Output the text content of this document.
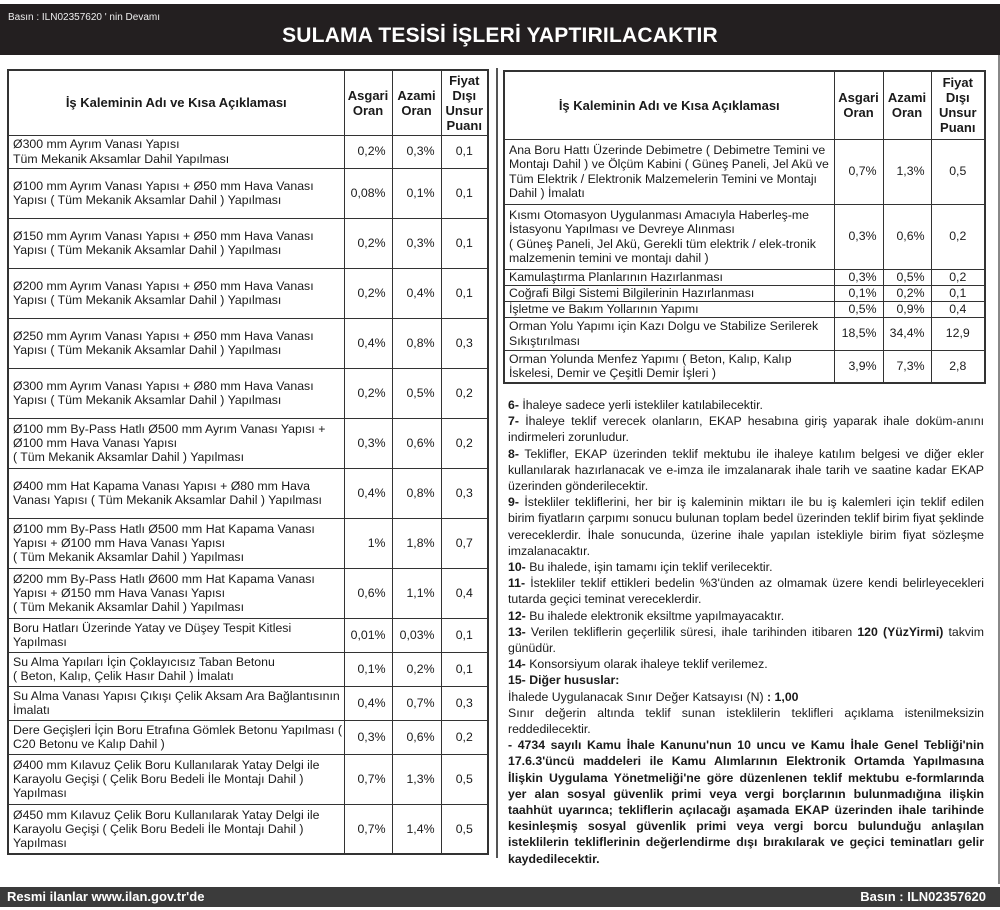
Basın : ILN02357620 ' nin Devamı
SULAMA TESİSİ İŞLERİ YAPTIRILACAKTIR
İş Kaleminin Adı ve Kısa Açıklaması	Asgari Oran	Azami Oran	Fiyat Dışı Unsur Puanı
Ø300 mm Ayrım Vanası Yapısı
Tüm Mekanik Aksamlar Dahil Yapılması	0,2%	0,3%	0,1
Ø100 mm Ayrım Vanası Yapısı + Ø50 mm Hava Vanası Yapısı ( Tüm Mekanik Aksamlar Dahil ) Yapılması	0,08%	0,1%	0,1
Ø150 mm Ayrım Vanası Yapısı + Ø50 mm Hava Vanası Yapısı ( Tüm Mekanik Aksamlar Dahil ) Yapılması	0,2%	0,3%	0,1
Ø200 mm Ayrım Vanası Yapısı + Ø50 mm Hava Vanası Yapısı ( Tüm Mekanik Aksamlar Dahil ) Yapılması	0,2%	0,4%	0,1
Ø250 mm Ayrım Vanası Yapısı + Ø50 mm Hava Vanası Yapısı ( Tüm Mekanik Aksamlar Dahil ) Yapılması	0,4%	0,8%	0,3
Ø300 mm Ayrım Vanası Yapısı + Ø80 mm Hava Vanası Yapısı ( Tüm Mekanik Aksamlar Dahil ) Yapılması	0,2%	0,5%	0,2
Ø100 mm By-Pass Hatlı Ø500 mm Ayrım Vanası Yapısı + Ø100 mm Hava Vanası Yapısı
( Tüm Mekanik Aksamlar Dahil ) Yapılması	0,3%	0,6%	0,2
Ø400 mm Hat Kapama Vanası Yapısı + Ø80 mm Hava Vanası Yapısı ( Tüm Mekanik Aksamlar Dahil ) Yapılması	0,4%	0,8%	0,3
Ø100 mm By-Pass Hatlı Ø500 mm Hat Kapama Vanası Yapısı + Ø100 mm Hava Vanası Yapısı
( Tüm Mekanik Aksamlar Dahil ) Yapılması	1%	1,8%	0,7
Ø200 mm By-Pass Hatlı Ø600 mm Hat Kapama Vanası Yapısı + Ø150 mm Hava Vanası Yapısı
( Tüm Mekanik Aksamlar Dahil ) Yapılması	0,6%	1,1%	0,4
Boru Hatları Üzerinde Yatay ve Düşey Tespit Kitlesi Yapılması	0,01%	0,03%	0,1
Su Alma Yapıları İçin Çoklayıcısız Taban Betonu
( Beton, Kalıp, Çelik Hasır Dahil ) İmalatı	0,1%	0,2%	0,1
Su Alma Vanası Yapısı Çıkışı Çelik Aksam Ara Bağlantısının İmalatı	0,4%	0,7%	0,3
Dere Geçişleri İçin Boru Etrafına Gömlek Betonu Yapılması ( C20 Betonu ve Kalıp Dahil )	0,3%	0,6%	0,2
Ø400 mm Kılavuz Çelik Boru Kullanılarak Yatay Delgi ile Karayolu Geçişi ( Çelik Boru Bedeli İle Montajı Dahil ) Yapılması	0,7%	1,3%	0,5
Ø450 mm Kılavuz Çelik Boru Kullanılarak Yatay Delgi ile Karayolu Geçişi ( Çelik Boru Bedeli İle Montajı Dahil ) Yapılması	0,7%	1,4%	0,5
İş Kaleminin Adı ve Kısa Açıklaması	Asgari Oran	Azami Oran	Fiyat Dışı Unsur Puanı
Ana Boru Hattı Üzerinde Debimetre ( Debimetre Temini ve Montajı Dahil ) ve Ölçüm Kabini ( Güneş Paneli, Jel Akü ve Tüm Elektrik / Elektronik Malzemelerin Temini ve Montajı Dahil ) İmalatı	0,7%	1,3%	0,5
Kısmı Otomasyon Uygulanması Amacıyla Haberleş-me İstasyonu Yapılması ve Devreye Alınması
( Güneş Paneli, Jel Akü, Gerekli tüm elektrik / elek-tronik malzemenin temini ve montajı dahil )	0,3%	0,6%	0,2
Kamulaştırma Planlarının Hazırlanması	0,3%	0,5%	0,2
Coğrafi Bilgi Sistemi Bilgilerinin Hazırlanması	0,1%	0,2%	0,1
İşletme ve Bakım Yollarının Yapımı	0,5%	0,9%	0,4
Orman Yolu Yapımı için Kazı Dolgu ve Stabilize Serilerek Sıkıştırılması	18,5%	34,4%	12,9
Orman Yolunda Menfez Yapımı ( Beton, Kalıp, Kalıp İskelesi, Demir ve Çeşitli Demir İşleri )	3,9%	7,3%	2,8

6- İhaleye sadece yerli istekliler katılabilecektir.

7- İhaleye teklif verecek olanların, EKAP hesabına giriş yaparak ihale doküm-anını indirmeleri zorunludur.

8- Teklifler, EKAP üzerinden teklif mektubu ile ihaleye katılım belgesi ve diğer ekler kullanılarak hazırlanacak ve e-imza ile imzalanarak ihale tarih ve saatine kadar EKAP üzerinden gönderilecektir.

9- İstekliler tekliflerini, her bir iş kaleminin miktarı ile bu iş kalemleri için teklif edilen birim fiyatların çarpımı sonucu bulunan toplam bedel üzerinden teklif birim fiyat şeklinde vereceklerdir. İhale sonucunda, üzerine ihale yapılan istekliyle birim fiyat sözleşme imzalanacaktır.

10- Bu ihalede, işin tamamı için teklif verilecektir.

11- İstekliler teklif ettikleri bedelin %3'ünden az olmamak üzere kendi belirleyecekleri tutarda geçici teminat vereceklerdir.

12- Bu ihalede elektronik eksiltme yapılmayacaktır.

13- Verilen tekliflerin geçerlilik süresi, ihale tarihinden itibaren 120 (YüzYirmi) takvim günüdür.

14- Konsorsiyum olarak ihaleye teklif verilemez.

15- Diğer hususlar:

İhalede Uygulanacak Sınır Değer Katsayısı (N) : 1,00

Sınır değerin altında teklif sunan isteklilerin teklifleri açıklama istenilmeksizin reddedilecektir.

- 4734 sayılı Kamu İhale Kanunu'nun 10 uncu ve Kamu İhale Genel Tebliği'nin 17.6.3'üncü maddeleri ile Kamu Alımlarının Elektronik Ortamda Yapılmasına İlişkin Uygulama Yönetmeliği'ne göre düzenlenen teklif mektubu e-formlarında yer alan sosyal güvenlik primi veya vergi borçlarının bulunmadığına ilişkin taahhüt uyarınca; tekliflerin açılacağı aşamada EKAP üzerinden ihale tarihinde kesinleşmiş sosyal güvenlik primi veya vergi borcu bulunduğu anlaşılan isteklilerin tekliflerinin değerlendirme dışı bırakılarak ve geçici teminatları gelir kaydedilecektir.

Resmi ilanlar www.ilan.gov.tr'de	Basın : ILN02357620
